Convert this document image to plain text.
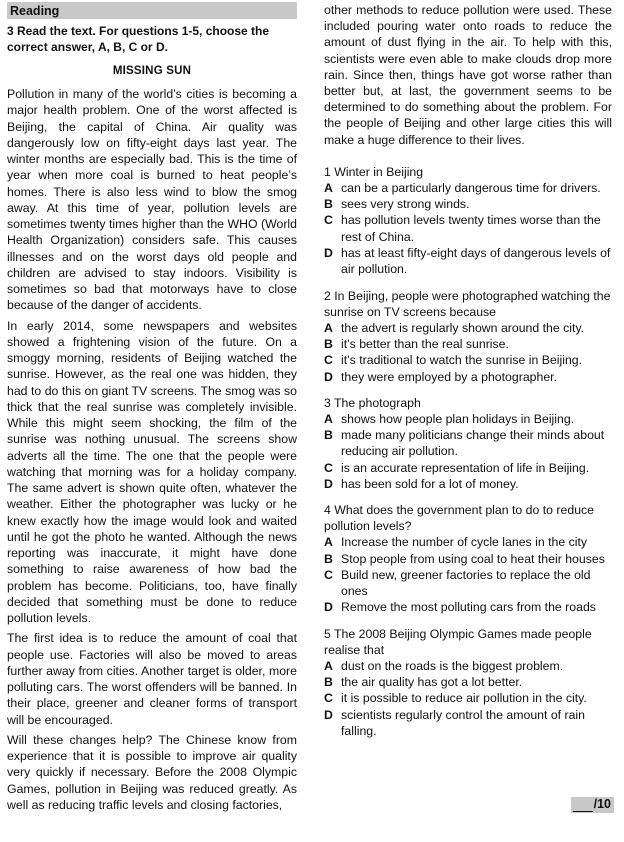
Reading
3 Read the text. For questions 1-5, choose the correct answer, A, B, C or D.
MISSING SUN

Pollution in many of the world’s cities is becoming a major health problem. One of the worst affected is Beijing, the capital of China. Air quality was dangerously low on fifty-eight days last year. The winter months are especially bad. This is the time of year when more coal is burned to heat people’s homes. There is also less wind to blow the smog away. At this time of year, pollution levels are sometimes twenty times higher than the WHO (World Health Organization) considers safe. This causes illnesses and on the worst days old people and children are advised to stay indoors. Visibility is sometimes so bad that motorways have to close because of the danger of accidents.

In early 2014, some newspapers and websites showed a frightening vision of the future. On a smoggy morning, residents of Beijing watched the sunrise. However, as the real one was hidden, they had to do this on giant TV screens. The smog was so thick that the real sunrise was completely invisible. While this might seem shocking, the film of the sunrise was nothing unusual. The screens show adverts all the time. The one that the people were watching that morning was for a holiday company. The same advert is shown quite often, whatever the weather. Either the photographer was lucky or he knew exactly how the image would look and waited until he got the photo he wanted. Although the news reporting was inaccurate, it might have done something to raise awareness of how bad the problem has become. Politicians, too, have finally decided that something must be done to reduce pollution levels.

The first idea is to reduce the amount of coal that people use. Factories will also be moved to areas further away from cities. Another target is older, more polluting cars. The worst offenders will be banned. In their place, greener and cleaner forms of transport will be encouraged.

Will these changes help? The Chinese know from experience that it is possible to improve air quality very quickly if necessary. Before the 2008 Olympic Games, pollution in Beijing was reduced greatly. As well as reducing traffic levels and closing factories,

other methods to reduce pollution were used. These included pouring water onto roads to reduce the amount of dust flying in the air. To help with this, scientists were even able to make clouds drop more rain. Since then, things have got worse rather than better but, at last, the government seems to be determined to do something about the problem. For the people of Beijing and other large cities this will make a huge difference to their lives.

1 Winter in Beijing
A can be a particularly dangerous time for drivers.
B sees very strong winds.
C has pollution levels twenty times worse than the rest of China.
D has at least fifty-eight days of dangerous levels of air pollution.
2 In Beijing, people were photographed watching the sunrise on TV screens because
A the advert is regularly shown around the city.
B it’s better than the real sunrise.
C it’s traditional to watch the sunrise in Beijing.
D they were employed by a photographer.
3 The photograph
A shows how people plan holidays in Beijing.
B made many politicians change their minds about reducing air pollution.
C is an accurate representation of life in Beijing.
D has been sold for a lot of money.
4 What does the government plan to do to reduce pollution levels?
A Increase the number of cycle lanes in the city
B Stop people from using coal to heat their houses
C Build new, greener factories to replace the old ones
D Remove the most polluting cars from the roads
5 The 2008 Beijing Olympic Games made people realise that
A dust on the roads is the biggest problem.
B the air quality has got a lot better.
C it is possible to reduce air pollution in the city.
D scientists regularly control the amount of rain falling.
/10
